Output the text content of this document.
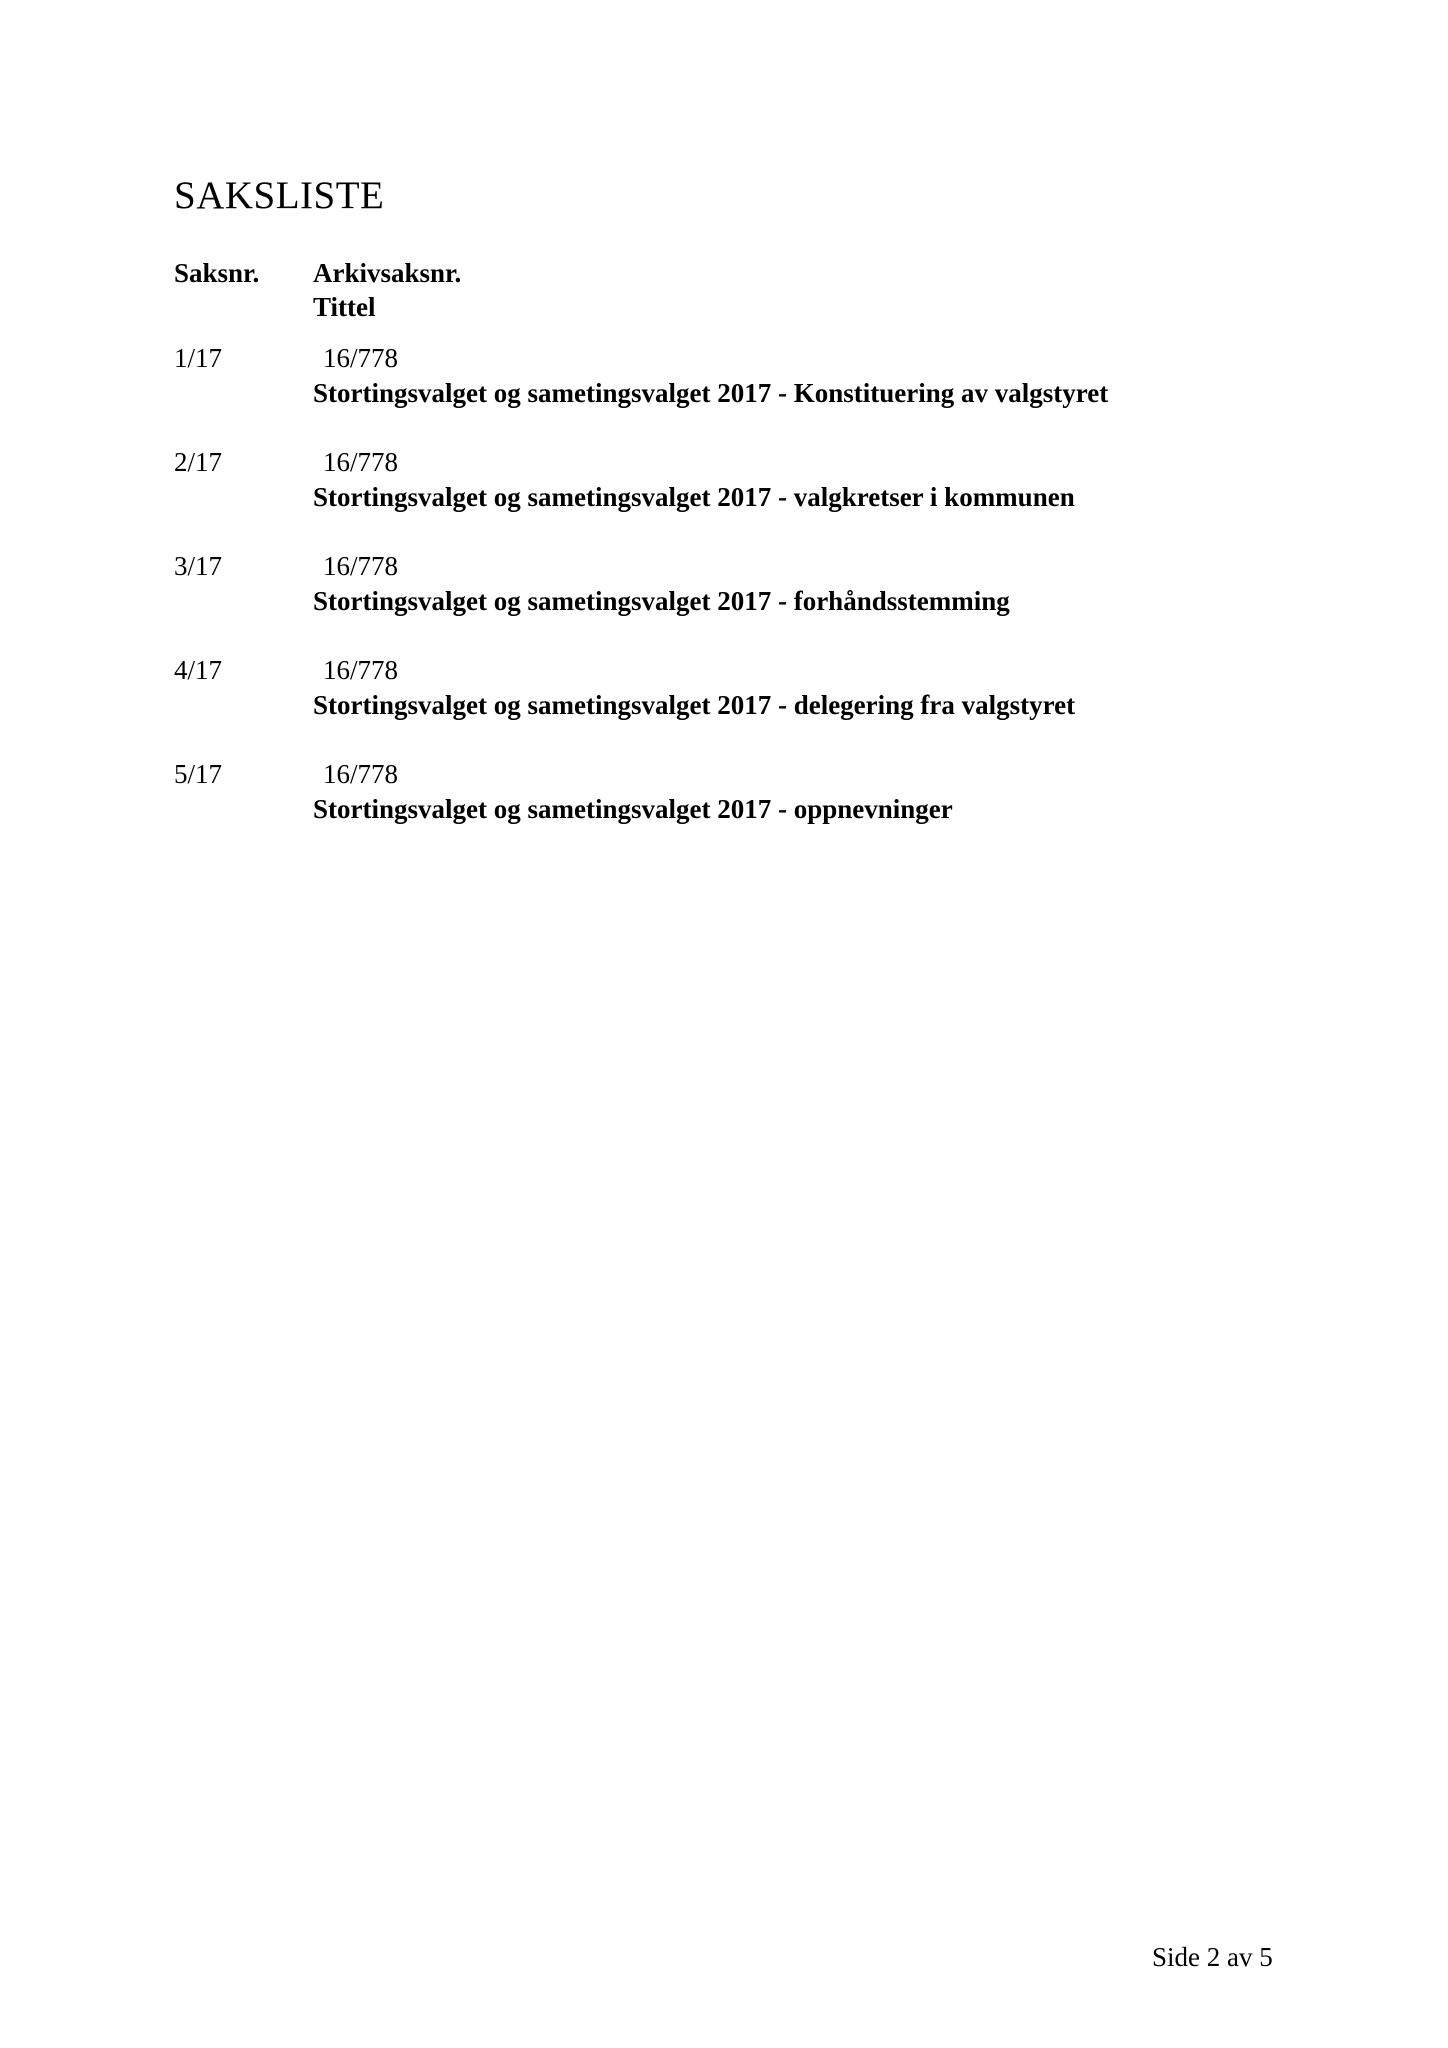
SAKSLISTE
Saksnr. Arkivsaksnr.
Tittel
1/17	16/778
Stortingsvalget og sametingsvalget 2017 - Konstituering av valgstyret
2/17	16/778
Stortingsvalget og sametingsvalget 2017 - valgkretser i kommunen
3/17	16/778
Stortingsvalget og sametingsvalget 2017 - forhåndsstemming
4/17	16/778
Stortingsvalget og sametingsvalget 2017 - delegering fra valgstyret
5/17	16/778
Stortingsvalget og sametingsvalget 2017 - oppnevninger
Side 2 av 5
